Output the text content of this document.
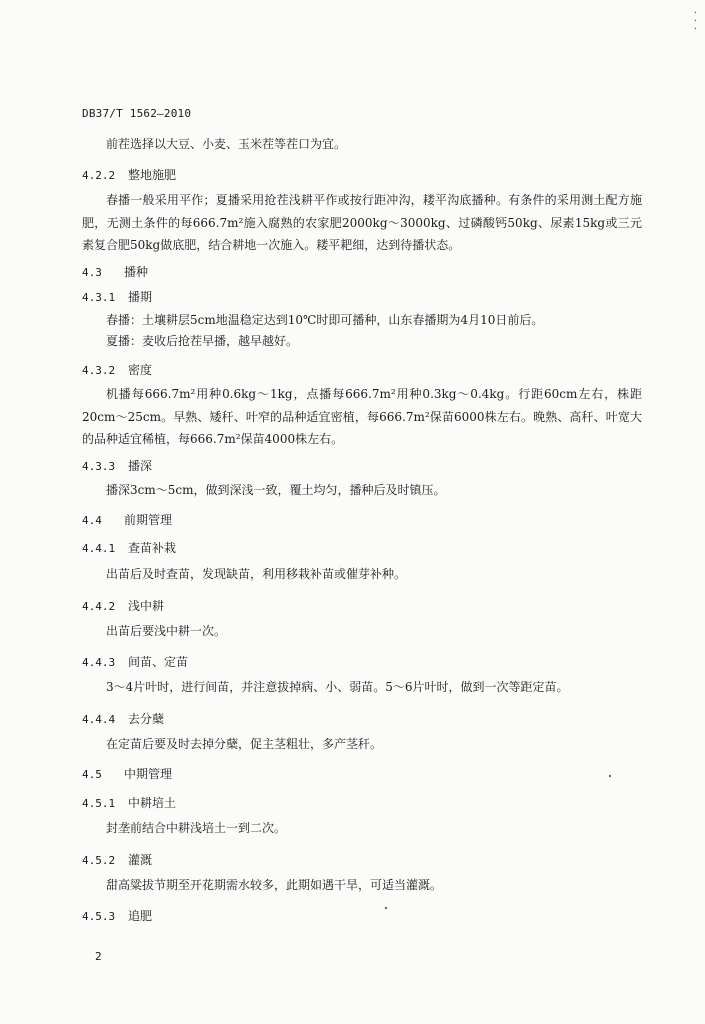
·
·
·
DB37/T 1562—2010
前茬选择以大豆、小麦、玉米茬等茬口为宜。
4.2.2 整地施肥
春播一般采用平作；夏播采用抢茬浅耕平作或按行距冲沟，耧平沟底播种。有条件的采用测土配方施肥，无测土条件的每666.7m²施入腐熟的农家肥2000kg～3000kg、过磷酸钙50kg、尿素15kg或三元素复合肥50kg做底肥，结合耕地一次施入。耧平耙细，达到待播状态。
4.3 播种
4.3.1 播期
春播：土壤耕层5cm地温稳定达到10℃时即可播种，山东春播期为4月10日前后。
夏播：麦收后抢茬早播，越早越好。
4.3.2 密度
机播每666.7m²用种0.6kg～1kg，点播每666.7m²用种0.3kg～0.4kg。行距60cm左右，株距20cm～25cm。早熟、矮秆、叶窄的品种适宜密植，每666.7m²保苗6000株左右。晚熟、高秆、叶宽大的品种适宜稀植，每666.7m²保苗4000株左右。
4.3.3 播深
播深3cm～5cm，做到深浅一致，覆土均匀，播种后及时镇压。
4.4 前期管理
4.4.1 查苗补栽
出苗后及时查苗，发现缺苗，利用移栽补苗或催芽补种。
4.4.2 浅中耕
出苗后要浅中耕一次。
4.4.3 间苗、定苗
3～4片叶时，进行间苗，并注意拔掉病、小、弱苗。5～6片叶时，做到一次等距定苗。
4.4.4 去分蘖
在定苗后要及时去掉分蘖，促主茎粗壮，多产茎秆。
4.5 中期管理
4.5.1 中耕培土
封垄前结合中耕浅培土一到二次。
4.5.2 灌溉
甜高粱拔节期至开花期需水较多，此期如遇干旱，可适当灌溉。
4.5.3 追肥
2
